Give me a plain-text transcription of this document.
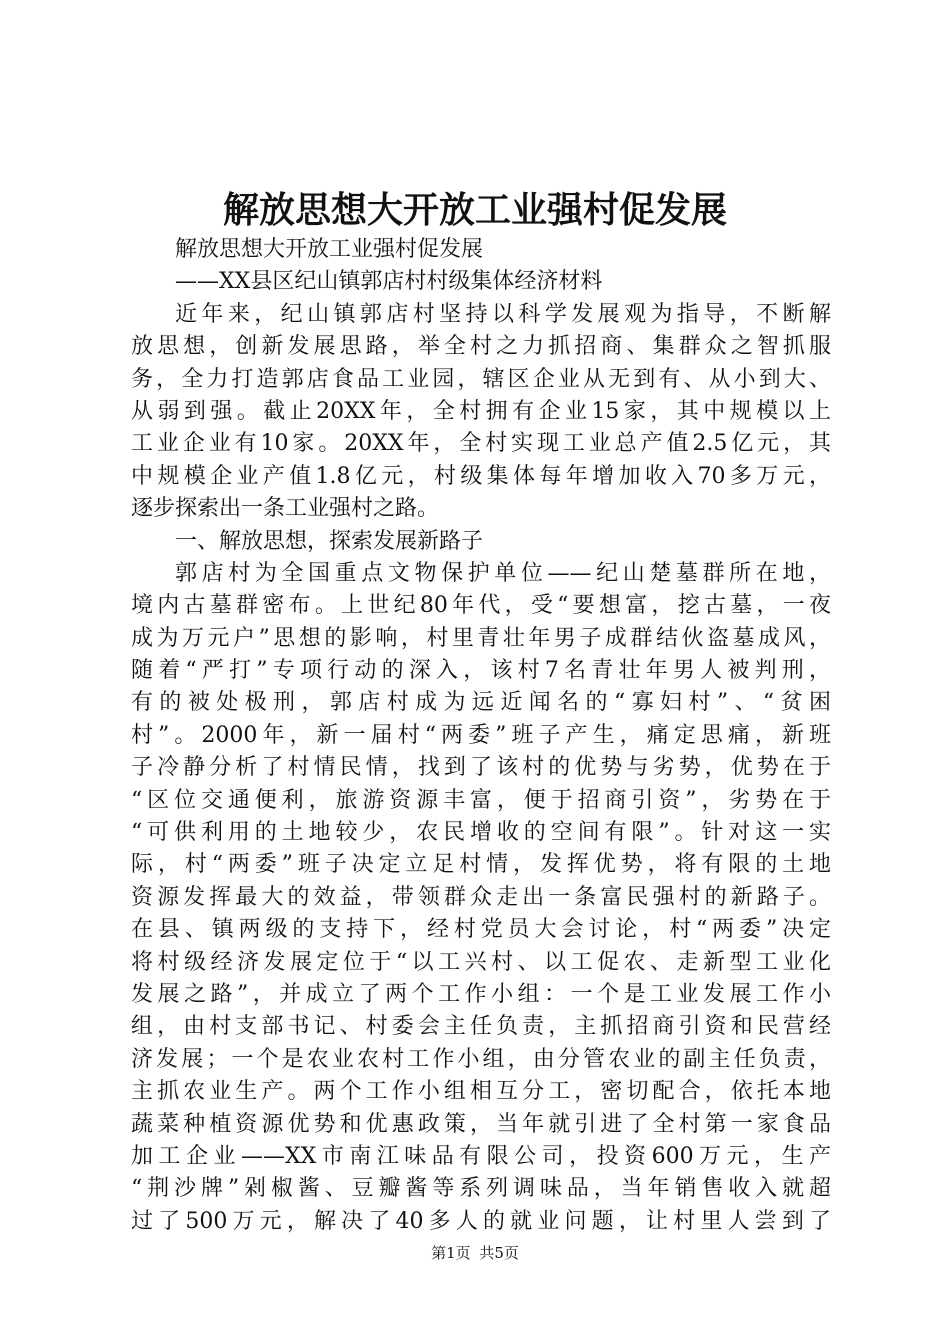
解放思想大开放工业强村促发展
解放思想大开放工业强村促发展
——XX县区纪山镇郭店村村级集体经济材料
近年来，纪山镇郭店村坚持以科学发展观为指导，不断解
放思想，创新发展思路，举全村之力抓招商、集群众之智抓服
务，全力打造郭店食品工业园，辖区企业从无到有、从小到大、
从弱到强。截止20XX年，全村拥有企业15家，其中规模以上
工业企业有10家。20XX年，全村实现工业总产值2.5亿元，其
中规模企业产值1.8亿元，村级集体每年增加收入70多万元，
逐步探索出一条工业强村之路。
一、解放思想，探索发展新路子
郭店村为全国重点文物保护单位——纪山楚墓群所在地，
境内古墓群密布。上世纪80年代，受“要想富，挖古墓，一夜
成为万元户”思想的影响，村里青壮年男子成群结伙盗墓成风，
随着“严打”专项行动的深入，该村7名青壮年男人被判刑，
有的被处极刑，郭店村成为远近闻名的“寡妇村”、“贫困
村”。2000年，新一届村“两委”班子产生，痛定思痛，新班
子冷静分析了村情民情，找到了该村的优势与劣势，优势在于
“区位交通便利，旅游资源丰富，便于招商引资”，劣势在于
“可供利用的土地较少，农民增收的空间有限”。针对这一实
际，村“两委”班子决定立足村情，发挥优势，将有限的土地
资源发挥最大的效益，带领群众走出一条富民强村的新路子。
在县、镇两级的支持下，经村党员大会讨论，村“两委”决定
将村级经济发展定位于“以工兴村、以工促农、走新型工业化
发展之路”，并成立了两个工作小组：一个是工业发展工作小
组，由村支部书记、村委会主任负责，主抓招商引资和民营经
济发展；一个是农业农村工作小组，由分管农业的副主任负责，
主抓农业生产。两个工作小组相互分工，密切配合，依托本地
蔬菜种植资源优势和优惠政策，当年就引进了全村第一家食品
加工企业——XX市南江味品有限公司，投资600万元，生产
“荆沙牌”剁椒酱、豆瓣酱等系列调味品，当年销售收入就超
过了500万元，解决了40多人的就业问题，让村里人尝到了
第1页 共5页
